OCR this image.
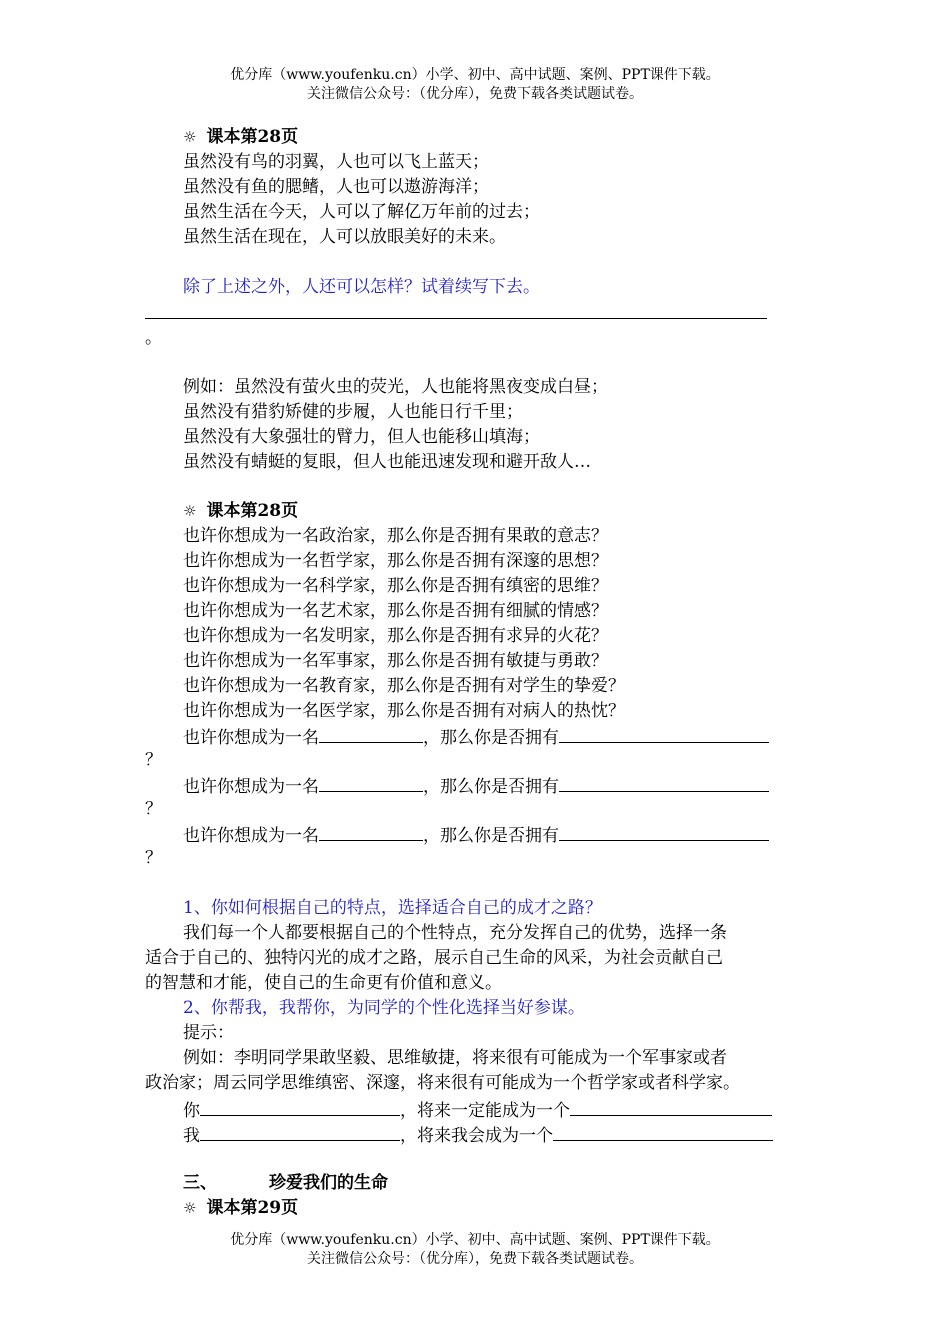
优分库（www.youfenku.cn）小学、初中、高中试题、案例、PPT课件下载。
关注微信公众号：（优分库），免费下载各类试题试卷。
☼ 课本第28页
虽然没有鸟的羽翼，人也可以飞上蓝天；
虽然没有鱼的腮鳍，人也可以遨游海洋；
虽然生活在今天，人可以了解亿万年前的过去；
虽然生活在现在，人可以放眼美好的未来。
除了上述之外，人还可以怎样？试着续写下去。
。
例如：虽然没有萤火虫的荧光，人也能将黑夜变成白昼；
虽然没有猎豹矫健的步履，人也能日行千里；
虽然没有大象强壮的臂力，但人也能移山填海；
虽然没有蜻蜓的复眼，但人也能迅速发现和避开敌人…
☼ 课本第28页
也许你想成为一名政治家，那么你是否拥有果敢的意志？
也许你想成为一名哲学家，那么你是否拥有深邃的思想？
也许你想成为一名科学家，那么你是否拥有缜密的思维？
也许你想成为一名艺术家，那么你是否拥有细腻的情感？
也许你想成为一名发明家，那么你是否拥有求异的火花？
也许你想成为一名军事家，那么你是否拥有敏捷与勇敢？
也许你想成为一名教育家，那么你是否拥有对学生的挚爱？
也许你想成为一名医学家，那么你是否拥有对病人的热忱？
也许你想成为一名	，那么你是否拥有
？
也许你想成为一名	，那么你是否拥有
？
也许你想成为一名	，那么你是否拥有
？
1、你如何根据自己的特点，选择适合自己的成才之路？
我们每一个人都要根据自己的个性特点，充分发挥自己的优势，选择一条
适合于自己的、独特闪光的成才之路，展示自己生命的风采，为社会贡献自己
的智慧和才能，使自己的生命更有价值和意义。
2、你帮我，我帮你，为同学的个性化选择当好参谋。
提示：
例如：李明同学果敢坚毅、思维敏捷，将来很有可能成为一个军事家或者
政治家；周云同学思维缜密、深邃，将来很有可能成为一个哲学家或者科学家。
你	，将来一定能成为一个
我	，将来我会成为一个
三、	珍爱我们的生命
☼ 课本第29页
优分库（www.youfenku.cn）小学、初中、高中试题、案例、PPT课件下载。
关注微信公众号：（优分库），免费下载各类试题试卷。
